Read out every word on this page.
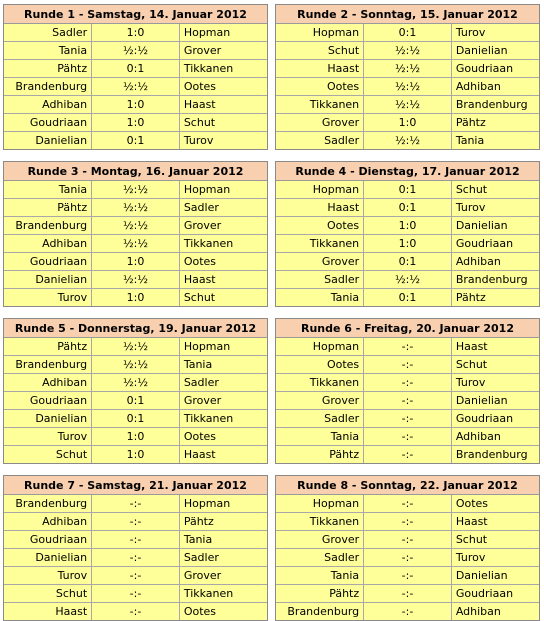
Runde 1 - Samstag, 14. Januar 2012		
Sadler	1:0	Hopman
Tania	½:½	Grover
Pähtz	0:1	Tikkanen
Brandenburg	½:½	Ootes
Adhiban	1:0	Haast
Goudriaan	1:0	Schut
Danielian	0:1	Turov
Runde 2 - Sonntag, 15. Januar 2012		
Hopman	0:1	Turov
Schut	½:½	Danielian
Haast	½:½	Goudriaan
Ootes	½:½	Adhiban
Tikkanen	½:½	Brandenburg
Grover	1:0	Pähtz
Sadler	½:½	Tania
Runde 3 - Montag, 16. Januar 2012		
Tania	½:½	Hopman
Pähtz	½:½	Sadler
Brandenburg	½:½	Grover
Adhiban	½:½	Tikkanen
Goudriaan	1:0	Ootes
Danielian	½:½	Haast
Turov	1:0	Schut
Runde 4 - Dienstag, 17. Januar 2012		
Hopman	0:1	Schut
Haast	0:1	Turov
Ootes	1:0	Danielian
Tikkanen	1:0	Goudriaan
Grover	0:1	Adhiban
Sadler	½:½	Brandenburg
Tania	0:1	Pähtz
Runde 5 - Donnerstag, 19. Januar 2012		
Pähtz	½:½	Hopman
Brandenburg	½:½	Tania
Adhiban	½:½	Sadler
Goudriaan	0:1	Grover
Danielian	0:1	Tikkanen
Turov	1:0	Ootes
Schut	1:0	Haast
Runde 6 - Freitag, 20. Januar 2012		
Hopman	-:-	Haast
Ootes	-:-	Schut
Tikkanen	-:-	Turov
Grover	-:-	Danielian
Sadler	-:-	Goudriaan
Tania	-:-	Adhiban
Pähtz	-:-	Brandenburg
Runde 7 - Samstag, 21. Januar 2012		
Brandenburg	-:-	Hopman
Adhiban	-:-	Pähtz
Goudriaan	-:-	Tania
Danielian	-:-	Sadler
Turov	-:-	Grover
Schut	-:-	Tikkanen
Haast	-:-	Ootes
Runde 8 - Sonntag, 22. Januar 2012		
Hopman	-:-	Ootes
Tikkanen	-:-	Haast
Grover	-:-	Schut
Sadler	-:-	Turov
Tania	-:-	Danielian
Pähtz	-:-	Goudriaan
Brandenburg	-:-	Adhiban
